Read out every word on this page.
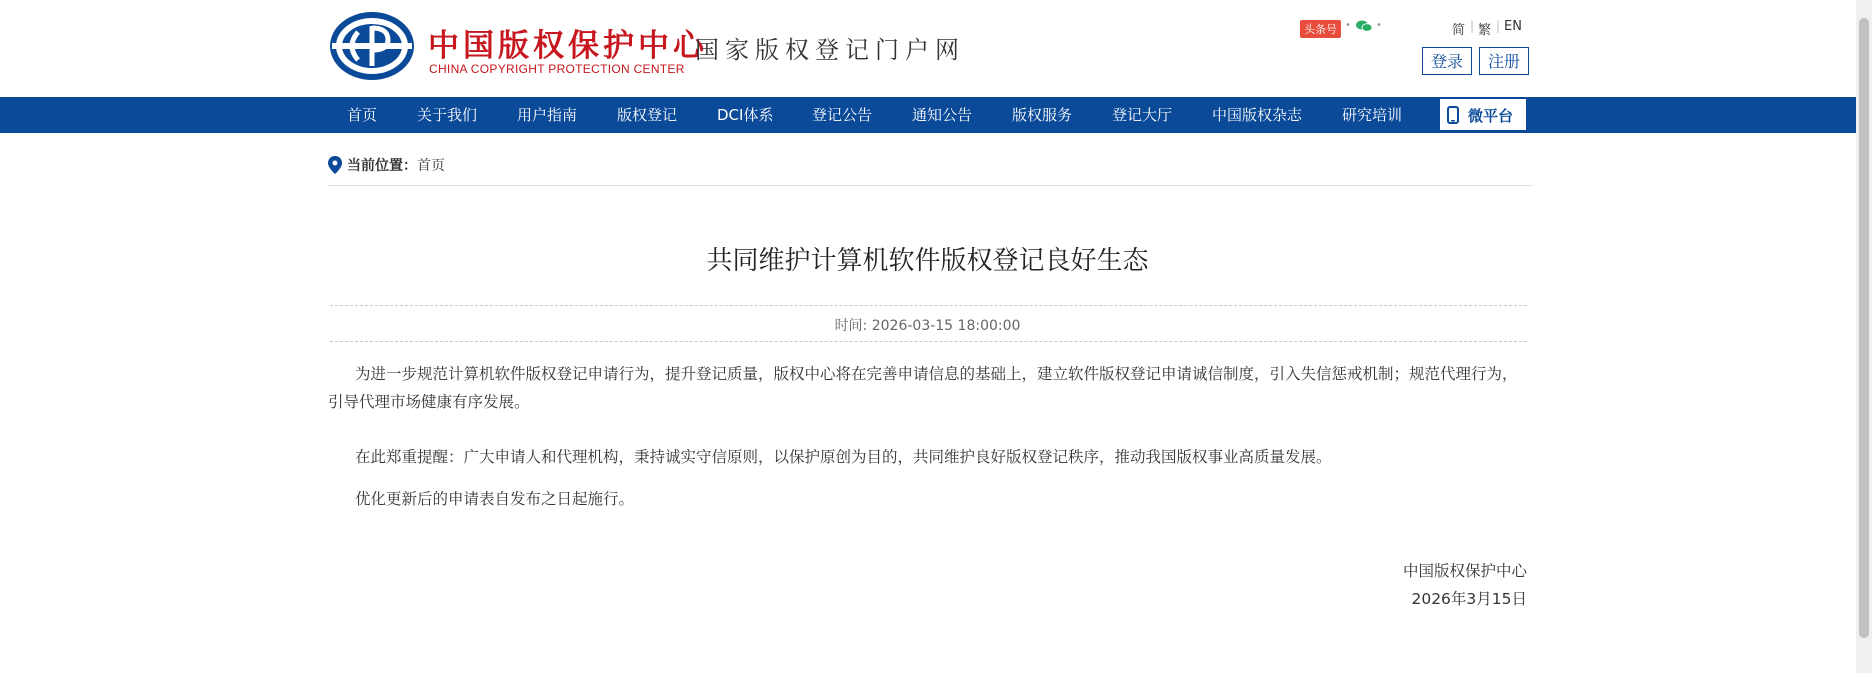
中国版权保护中心
CHINA COPYRIGHT PROTECTION CENTER
国家版权登记门户网
头条号 •	•	简 | 繁 | EN
登录	注册
首页	关于我们	用户指南	版权登记	DCI体系	登记公告	通知公告	版权服务	登记大厅	中国版权杂志	研究培训	微平台
当前位置：首页
共同维护计算机软件版权登记良好生态
时间: 2026-03-15 18:00:00

为进一步规范计算机软件版权登记申请行为，提升登记质量，版权中心将在完善申请信息的基础上，建立软件版权登记申请诚信制度，引入失信惩戒机制；规范代理行为，引导代理市场健康有序发展。

在此郑重提醒：广大申请人和代理机构，秉持诚实守信原则，以保护原创为目的，共同维护良好版权登记秩序，推动我国版权事业高质量发展。

优化更新后的申请表自发布之日起施行。

中国版权保护中心
2026年3月15日
